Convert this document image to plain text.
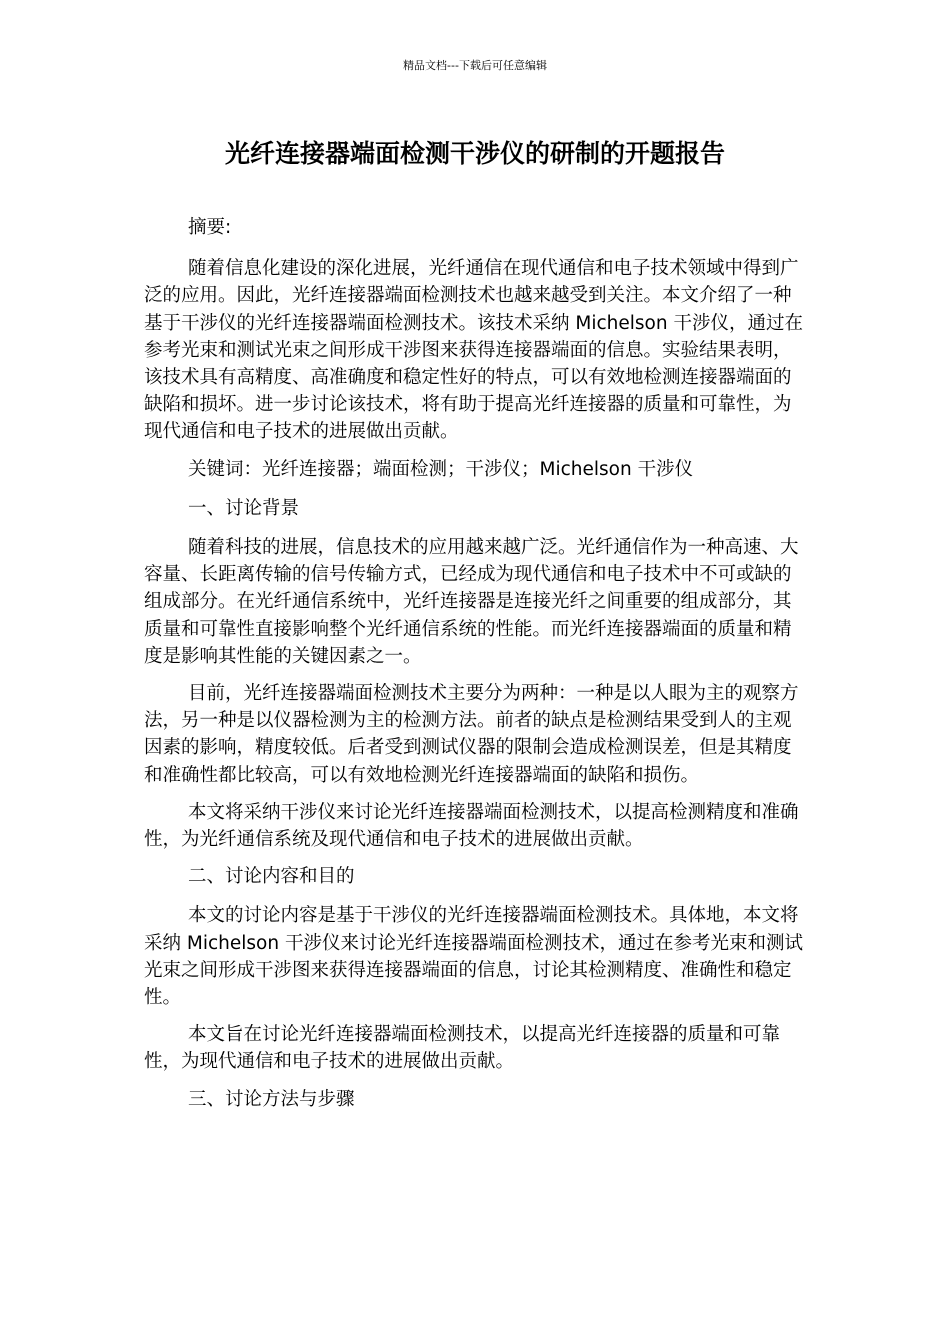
精品文档---下载后可任意编辑
光纤连接器端面检测干涉仪的研制的开题报告

摘要:

随着信息化建设的深化进展，光纤通信在现代通信和电子技术领域中得到广泛的应用。因此，光纤连接器端面检测技术也越来越受到关注。本文介绍了一种基于干涉仪的光纤连接器端面检测技术。该技术采纳 Michelson 干涉仪，通过在参考光束和测试光束之间形成干涉图来获得连接器端面的信息。实验结果表明，该技术具有高精度、高准确度和稳定性好的特点，可以有效地检测连接器端面的缺陷和损坏。进一步讨论该技术，将有助于提高光纤连接器的质量和可靠性，为现代通信和电子技术的进展做出贡献。

关键词：光纤连接器；端面检测；干涉仪；Michelson 干涉仪

一、讨论背景

随着科技的进展，信息技术的应用越来越广泛。光纤通信作为一种高速、大容量、长距离传输的信号传输方式，已经成为现代通信和电子技术中不可或缺的组成部分。在光纤通信系统中，光纤连接器是连接光纤之间重要的组成部分，其质量和可靠性直接影响整个光纤通信系统的性能。而光纤连接器端面的质量和精度是影响其性能的关键因素之一。

目前，光纤连接器端面检测技术主要分为两种：一种是以人眼为主的观察方法，另一种是以仪器检测为主的检测方法。前者的缺点是检测结果受到人的主观因素的影响，精度较低。后者受到测试仪器的限制会造成检测误差，但是其精度和准确性都比较高，可以有效地检测光纤连接器端面的缺陷和损伤。

本文将采纳干涉仪来讨论光纤连接器端面检测技术，以提高检测精度和准确性，为光纤通信系统及现代通信和电子技术的进展做出贡献。

二、讨论内容和目的

本文的讨论内容是基于干涉仪的光纤连接器端面检测技术。具体地，本文将采纳 Michelson 干涉仪来讨论光纤连接器端面检测技术，通过在参考光束和测试光束之间形成干涉图来获得连接器端面的信息，讨论其检测精度、准确性和稳定性。

本文旨在讨论光纤连接器端面检测技术，以提高光纤连接器的质量和可靠性，为现代通信和电子技术的进展做出贡献。

三、讨论方法与步骤
